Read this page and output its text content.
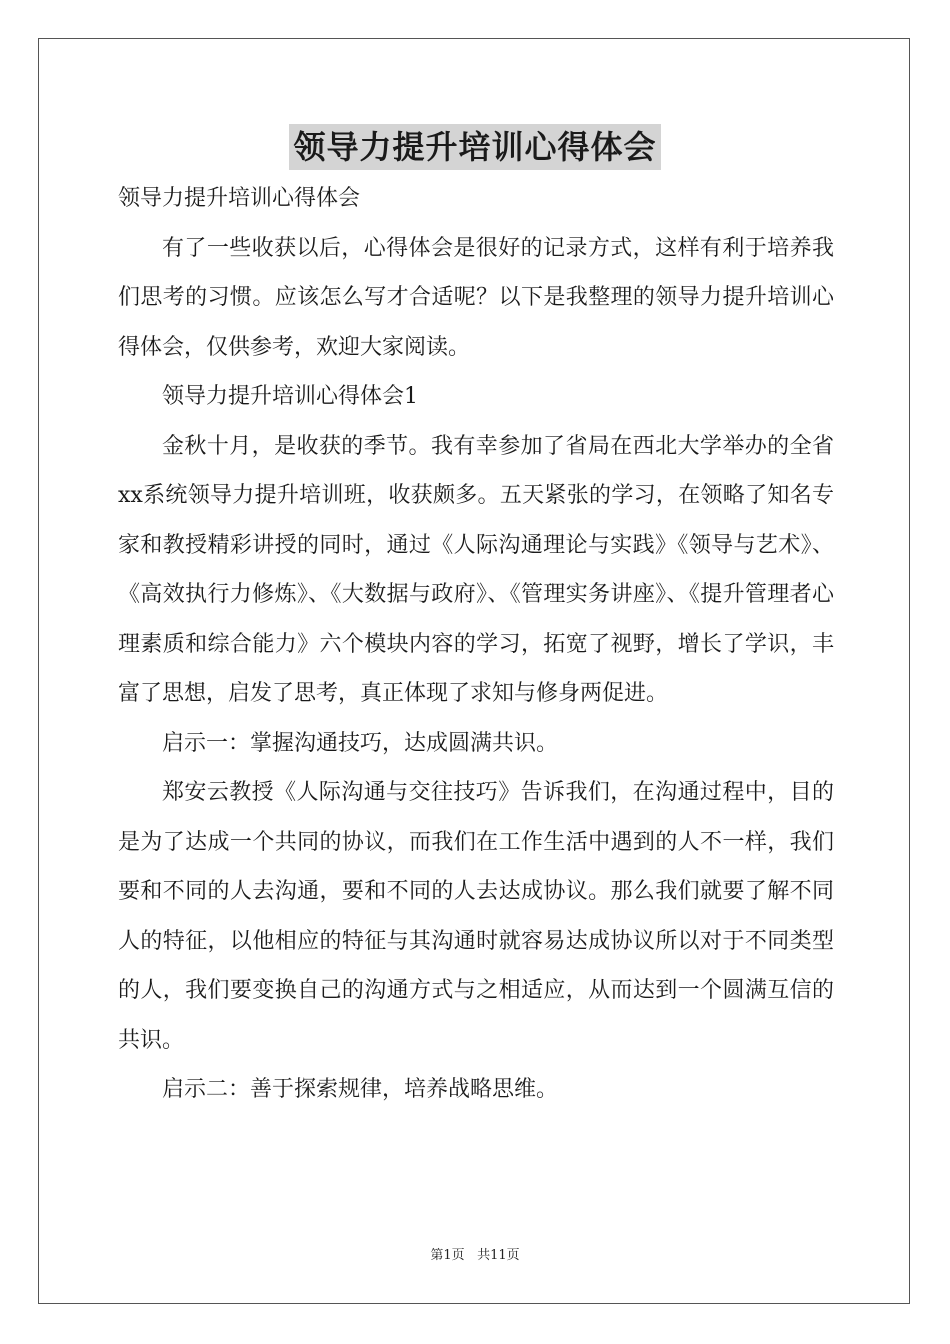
领导力提升培训心得体会

领导力提升培训心得体会

有了一些收获以后，心得体会是很好的记录方式，这样有利于培养我们思考的习惯。应该怎么写才合适呢？以下是我整理的领导力提升培训心得体会，仅供参考，欢迎大家阅读。

领导力提升培训心得体会1

金秋十月，是收获的季节。我有幸参加了省局在西北大学举办的全省xx系统领导力提升培训班，收获颇多。五天紧张的学习，在领略了知名专家和教授精彩讲授的同时，通过《人际沟通理论与实践》《领导与艺术》、《高效执行力修炼》、《大数据与政府》、《管理实务讲座》、《提升管理者心理素质和综合能力》六个模块内容的学习，拓宽了视野，增长了学识，丰富了思想，启发了思考，真正体现了求知与修身两促进。

启示一：掌握沟通技巧，达成圆满共识。

郑安云教授《人际沟通与交往技巧》告诉我们，在沟通过程中，目的是为了达成一个共同的协议，而我们在工作生活中遇到的人不一样，我们要和不同的人去沟通，要和不同的人去达成协议。那么我们就要了解不同人的特征，以他相应的特征与其沟通时就容易达成协议所以对于不同类型的人，我们要变换自己的沟通方式与之相适应，从而达到一个圆满互信的共识。

启示二：善于探索规律，培养战略思维。

第1页 共11页
